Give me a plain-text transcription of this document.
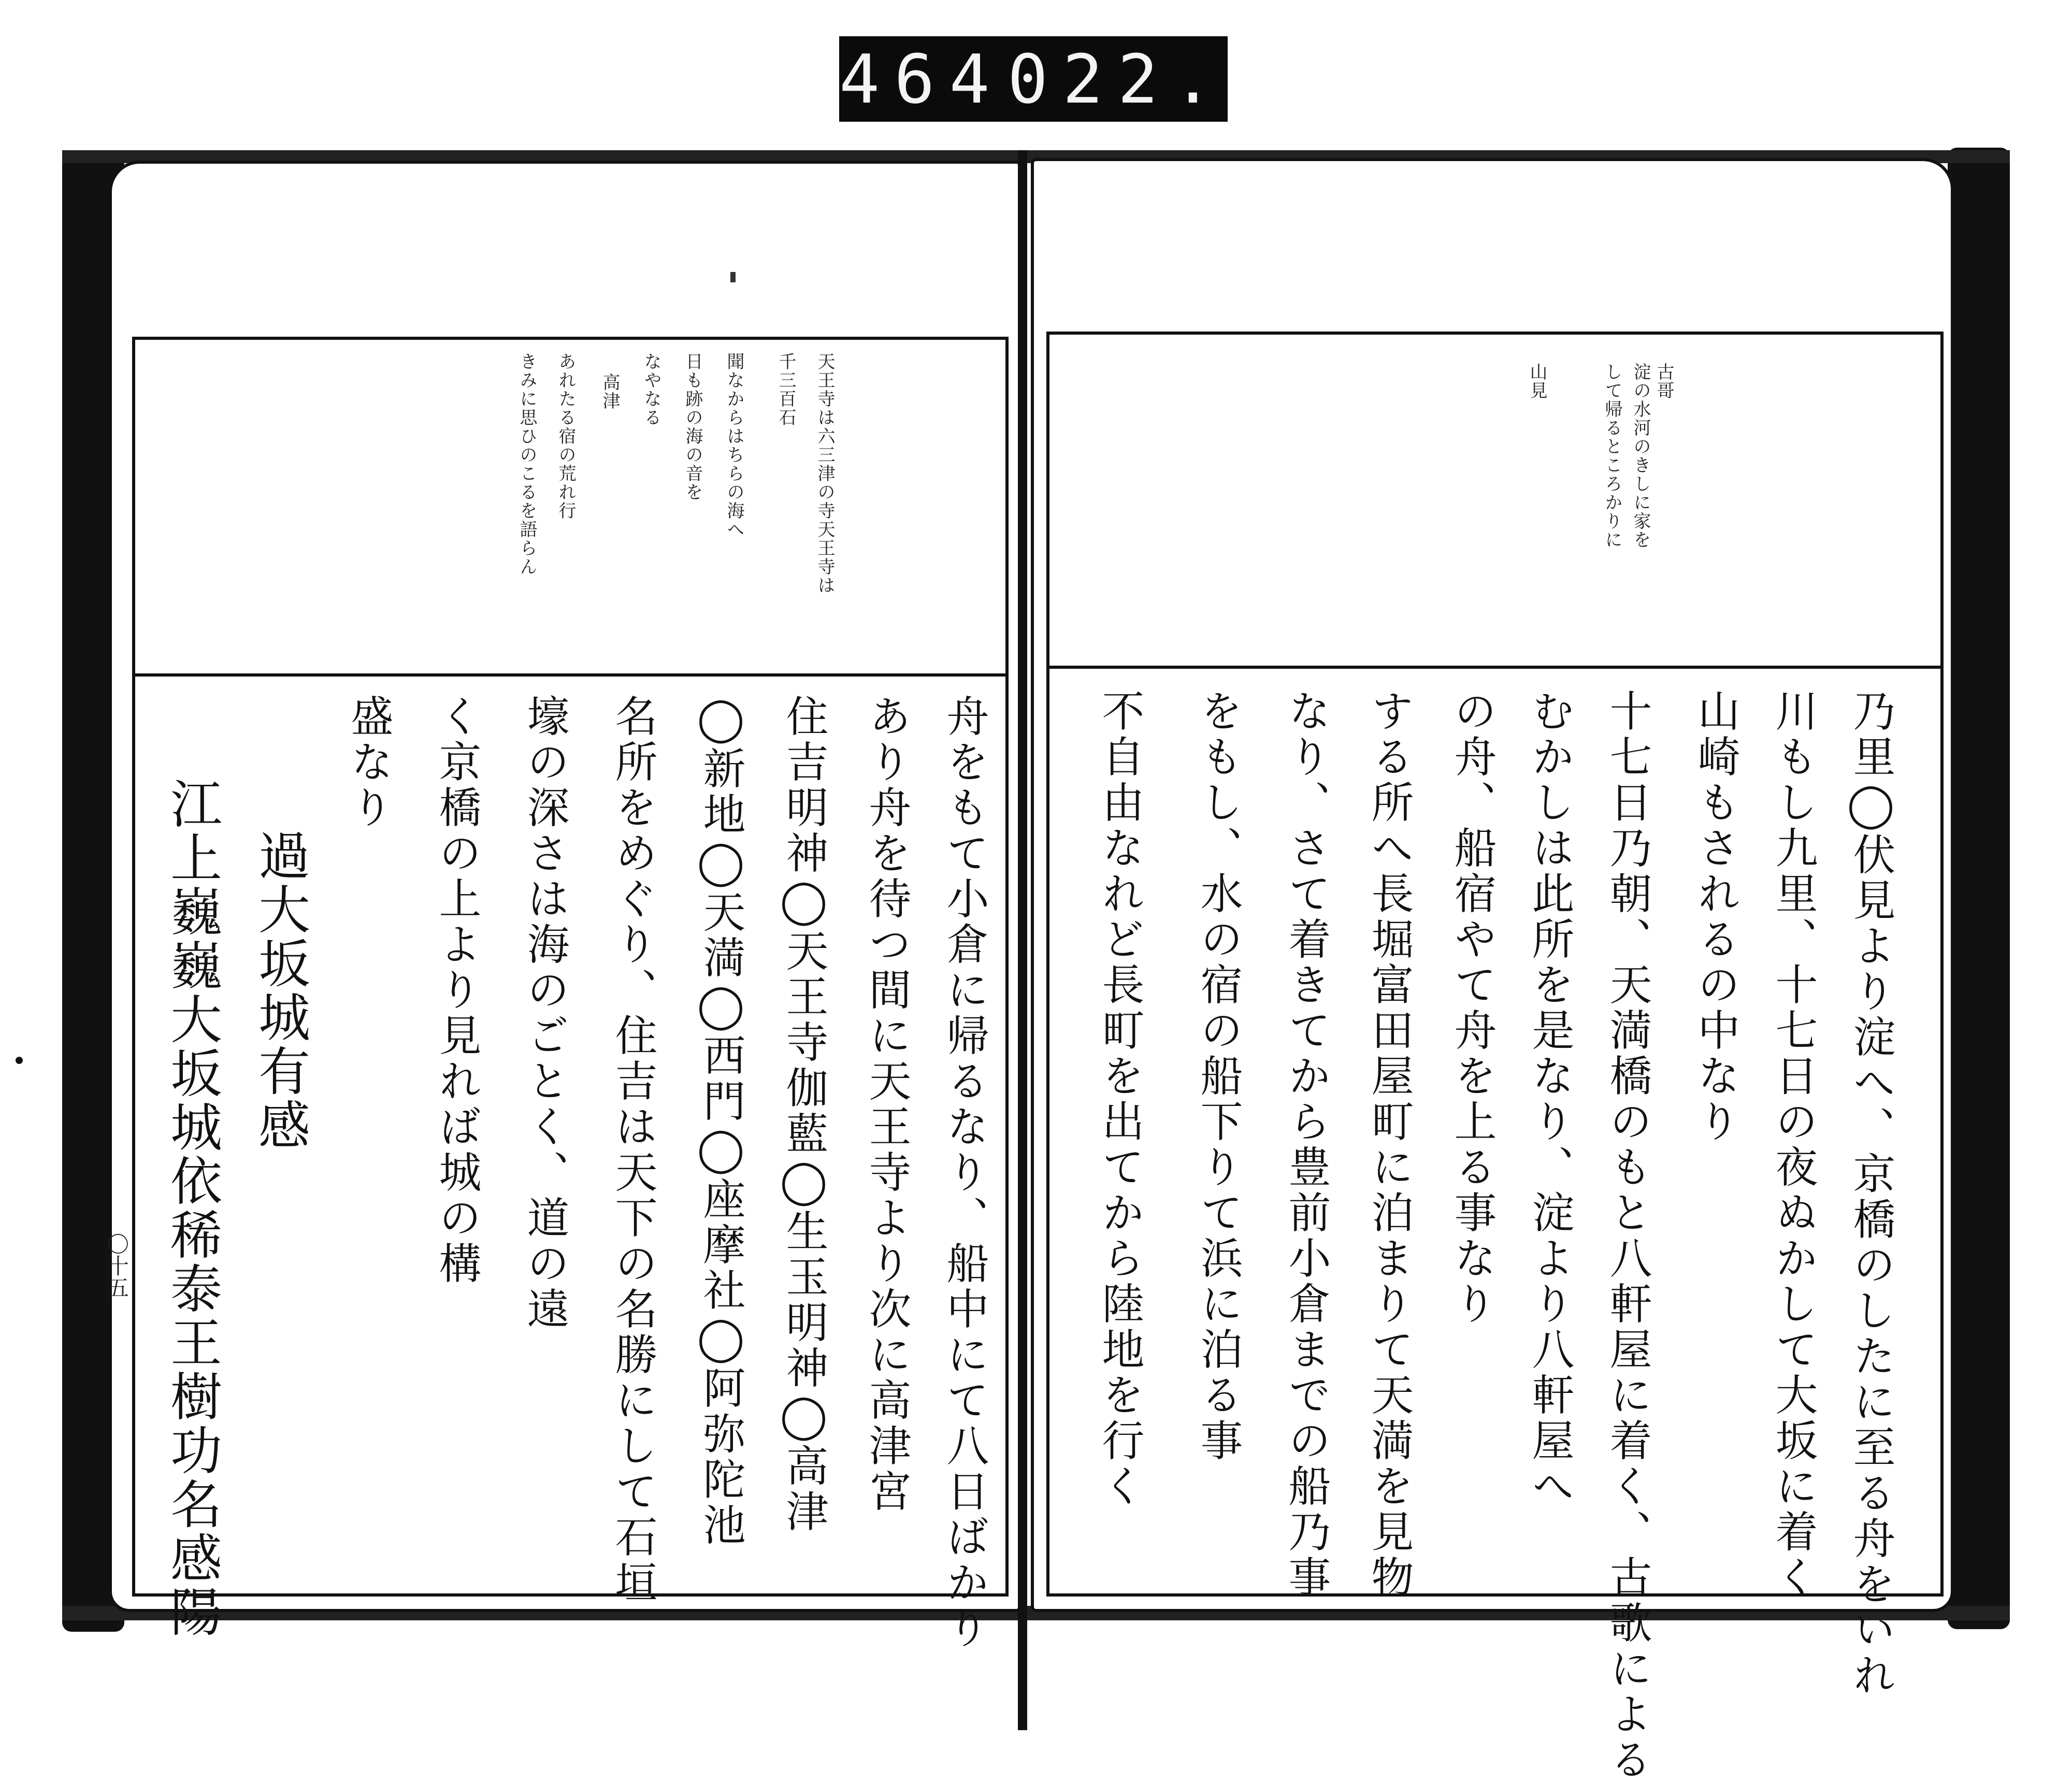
464 022.
〇十五
古哥
淀の水河のきしに家を
して帰るところかりに
山見
乃里◯伏見より淀へ、京橋のしたに至る舟をいれ
川もし九里、十七日の夜ぬかして大坂に着く
山崎もされるの中なり
十七日乃朝、天満橋のもと八軒屋に着く、古歌による
むかしは此所を是なり、淀より八軒屋へ
の舟、船宿やて舟を上る事なり
する所へ長堀富田屋町に泊まりて天満を見物
なり、さて着きてから豊前小倉までの船乃事
をもし、水の宿の船下りて浜に泊る事
不自由なれど長町を出てから陸地を行く
天王寺は六三津の寺天王寺は
千三百石
聞なからはちらの海へ
日も跡の海の音を
なやなる
高津
あれたる宿の荒れ行
きみに思ひのこるを語らん
舟をもて小倉に帰るなり、船中にて八日ばかり
あり舟を待つ間に天王寺より次に高津宮
住吉明神◯天王寺伽藍◯生玉明神◯高津
◯新地◯天満◯西門◯座摩社◯阿弥陀池
名所をめぐり、住吉は天下の名勝にして石垣
壕の深さは海のごとく、道の遠
く京橋の上より見れば城の構
盛なり
過大坂城有感
江上巍巍大坂城依稀泰王樹功名感陽
